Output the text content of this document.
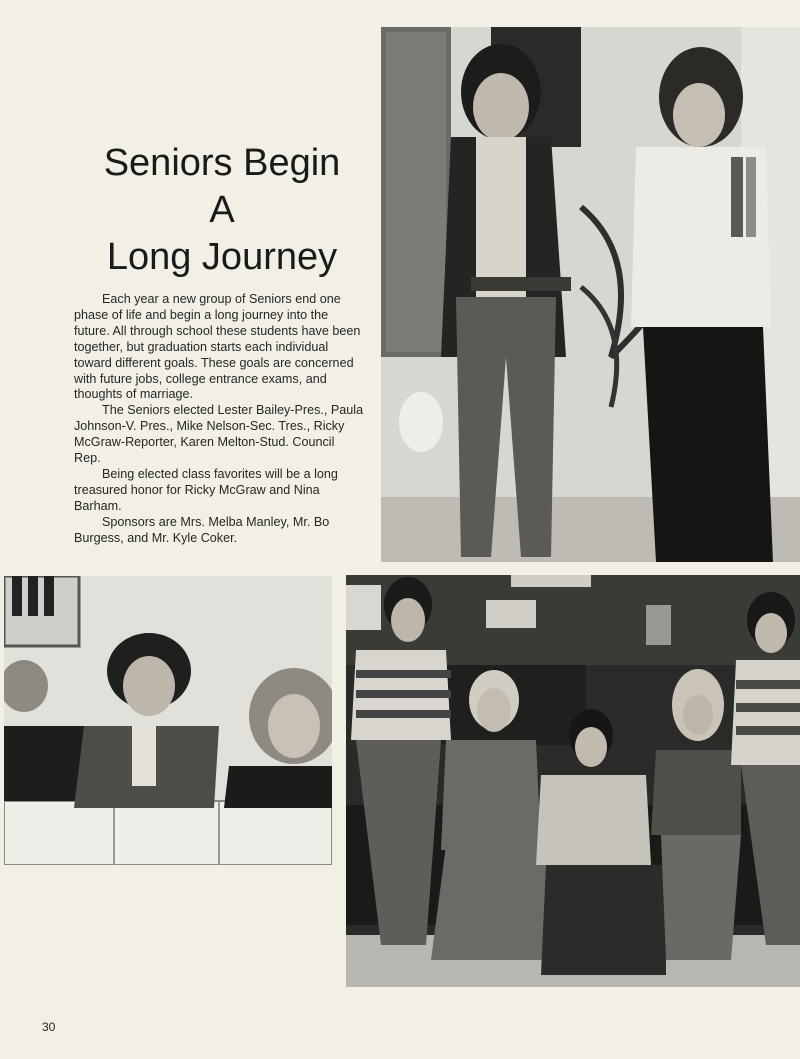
Seniors Begin
A
Long Journey

Each year a new group of Seniors end one phase of life and begin a long journey into the future. All through school these students have been together, but graduation starts each individual toward different goals. These goals are concerned with future jobs, college entrance exams, and thoughts of marriage.

The Seniors elected Lester Bailey-Pres., Paula Johnson-V. Pres., Mike Nelson-Sec. Tres., Ricky McGraw-Reporter, Karen Melton-Stud. Council Rep.

Being elected class favorites will be a long treasured honor for Ricky McGraw and Nina Barham.

Sponsors are Mrs. Melba Manley, Mr. Bo Burgess, and Mr. Kyle Coker.

30
